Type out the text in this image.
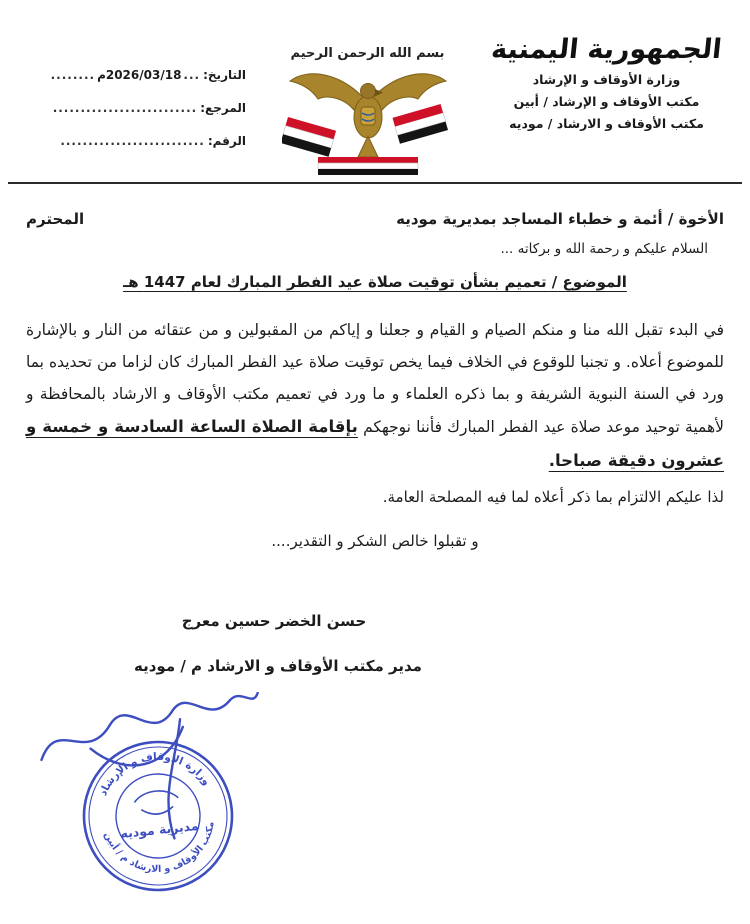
الجمهورية اليمنية
وزارة الأوقاف و الإرشاد
مكتب الأوقاف و الإرشاد / أبين
مكتب الأوقاف و الارشاد / موديه
بسم الله الرحمن الرحيم
التاريخ:
...
2026/03/18م
........
المرجع:
..........................
الرقم:
..........................
الأخوة / أئمة و خطباء المساجد بمديرية موديه
المحترم

السلام عليكم و رحمة الله و بركاته ...

الموضوع / تعميم بشأن توقيت صلاة عيد الفطر المبارك لعام 1447 هـ

في البدء تقبل الله منا و منكم الصيام و القيام و جعلنا و إياكم من المقبولين و من عتقائه من النار و بالإشارة للموضوع أعلاه. و تجنبا للوقوع في الخلاف فيما يخص توقيت صلاة عيد الفطر المبارك كان لزاما من تحديده بما ورد في السنة النبوية الشريفة و بما ذكره العلماء و ما ورد في تعميم مكتب الأوقاف و الارشاد بالمحافظة و لأهمية توحيد موعد صلاة عيد الفطر المبارك فأننا نوجهكم بإقامة الصلاة الساعة السادسة و خمسة و عشرون دقيقة صباحا.

لذا عليكم الالتزام بما ذكر أعلاه لما فيه المصلحة العامة.

و تقبلوا خالص الشكر و التقدير....

حسن الخضر حسين معرج
مدير مكتب الأوقاف و الارشاد م / موديه
وزارة الأوقاف و الإرشاد
مكتب الأوقاف و الارشاد م / أبين
مديرية موديه
